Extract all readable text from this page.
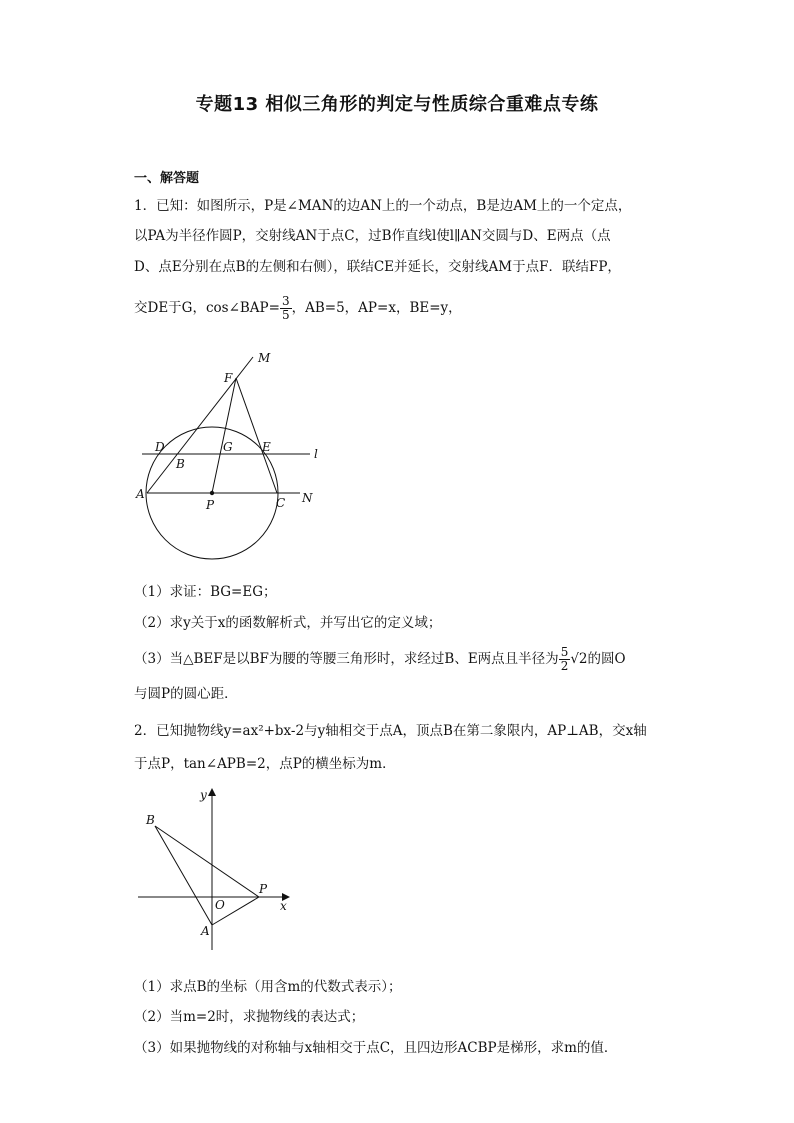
专题13 相似三角形的判定与性质综合重难点专练
一、解答题
1．已知：如图所示，P是∠MAN的边AN上的一个动点，B是边AM上的一个定点，
以PA为半径作圆P，交射线AN于点C，过B作直线l使l∥AN交圆与D、E两点（点
D、点E分别在点B的左侧和右侧），联结CE并延长，交射线AM于点F．联结FP，
交DE于G，cos∠BAP= $\frac{3}{5}$ ，AB=5，AP=x，BE=y，
M
F
D	G E	l
B
A
P	C N
（1）求证：BG=EG；
（2）求y关于x的函数解析式，并写出它的定义域；
（3）当△BEF是以BF为腰的等腰三角形时，求经过B、E两点且半径为 $\frac{5}{2} √2$的圆O
与圆P的圆心距．
2．已知抛物线y=ax²+bx-2与y轴相交于点A，顶点B在第二象限内，AP⊥AB，交x轴
于点P，tan∠APB=2，点P的横坐标为m．
y
B
P
O	x
A
（1）求点B的坐标（用含m的代数式表示）；
（2）当m=2时，求抛物线的表达式；
（3）如果抛物线的对称轴与x轴相交于点C，且四边形ACBP是梯形，求m的值．
